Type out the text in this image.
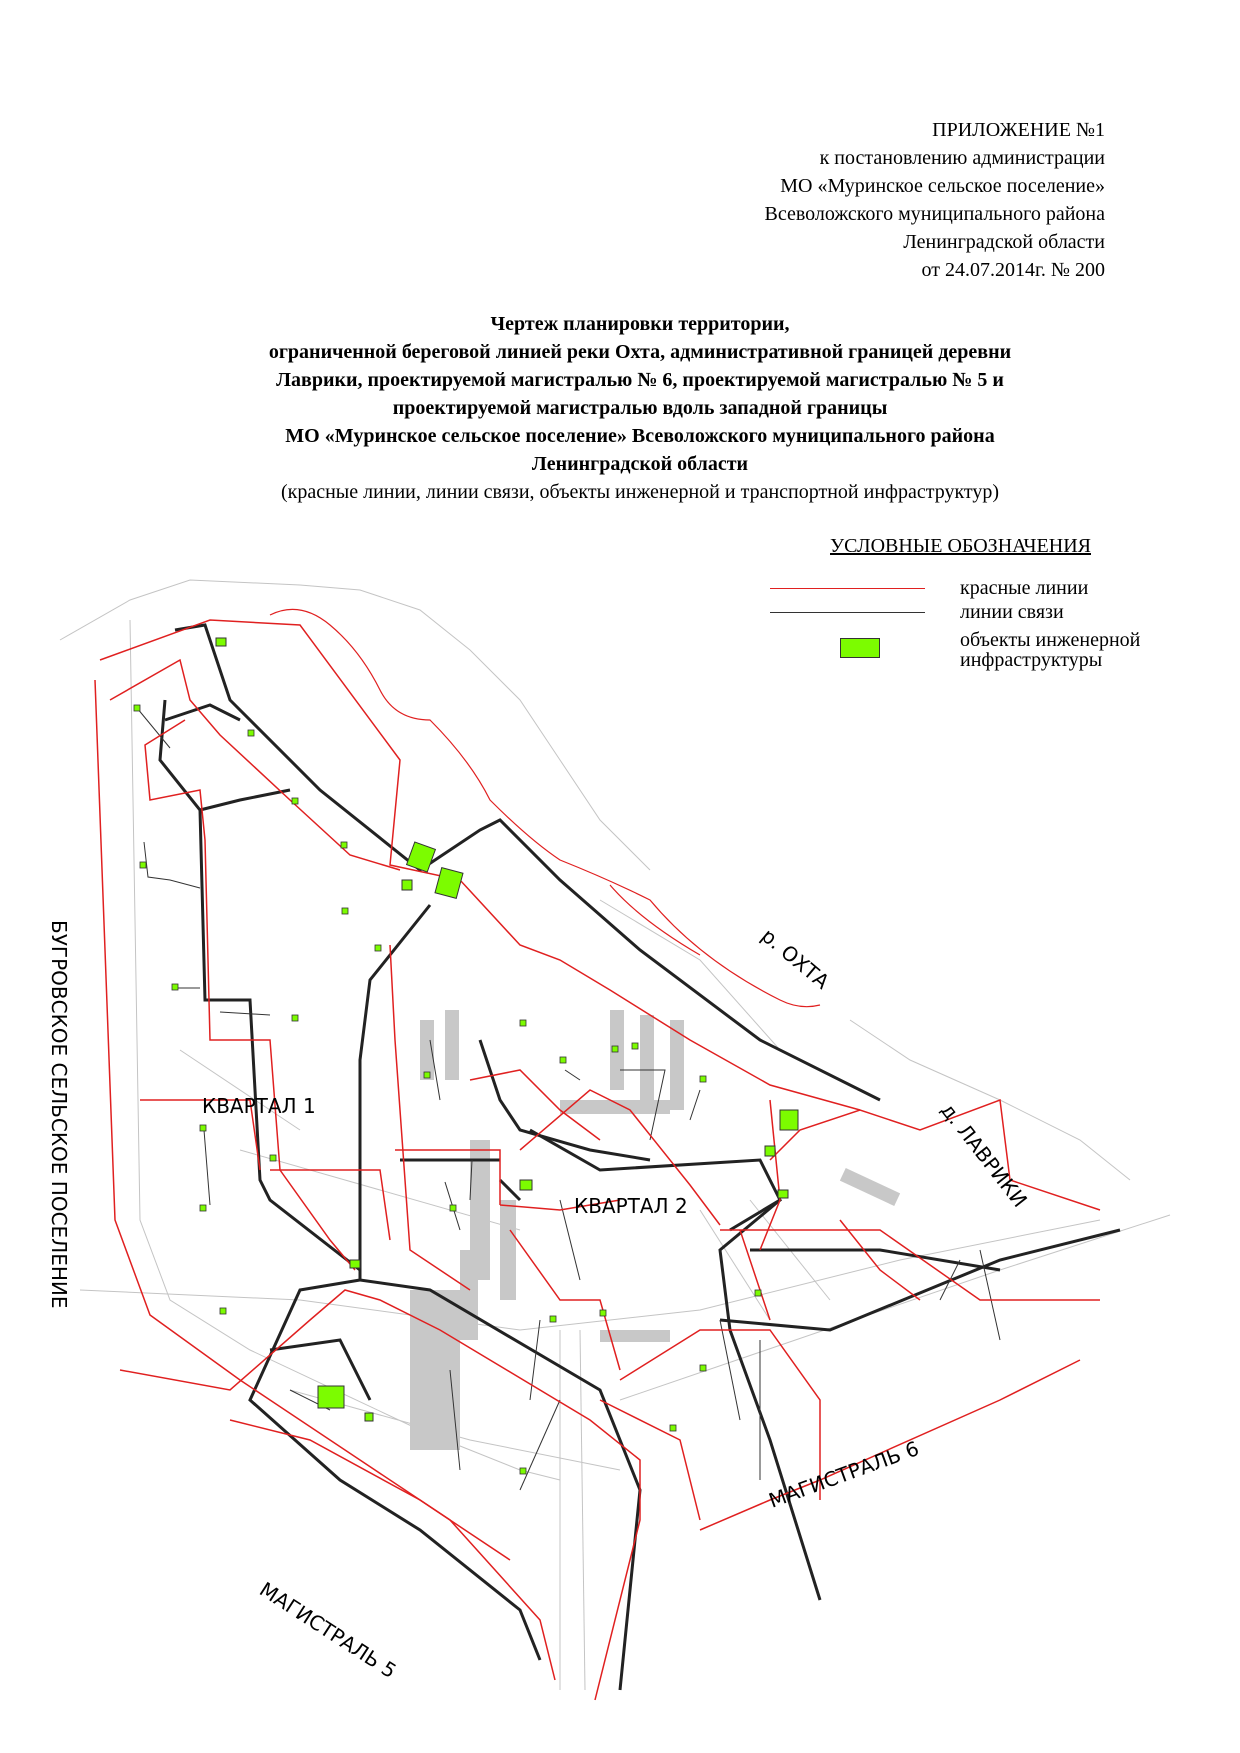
ПРИЛОЖЕНИЕ №1
к постановлению администрации
МО «Муринское сельское поселение»
Всеволожского муниципального района
Ленинградской области
от 24.07.2014г. № 200
Чертеж планировки территории,
ограниченной береговой линией реки Охта, административной границей деревни
Лаврики, проектируемой магистралью № 6, проектируемой магистралью № 5 и
проектируемой магистралью вдоль западной границы
МО «Муринское сельское поселение» Всеволожского муниципального района
Ленинградской области
(красные линии, линии связи, объекты инженерной и транспортной инфраструктур)
УСЛОВНЫЕ ОБОЗНАЧЕНИЯ
красные линии
линии связи
объекты инженерной
инфраструктуры
КВАРТАЛ 1
КВАРТАЛ 2
р. ОХТА
д. ЛАВРИКИ
БУГРОВСКОЕ СЕЛЬСКОЕ ПОСЕЛЕНИЕ
МАГИСТРАЛЬ 5
МАГИСТРАЛЬ 6
